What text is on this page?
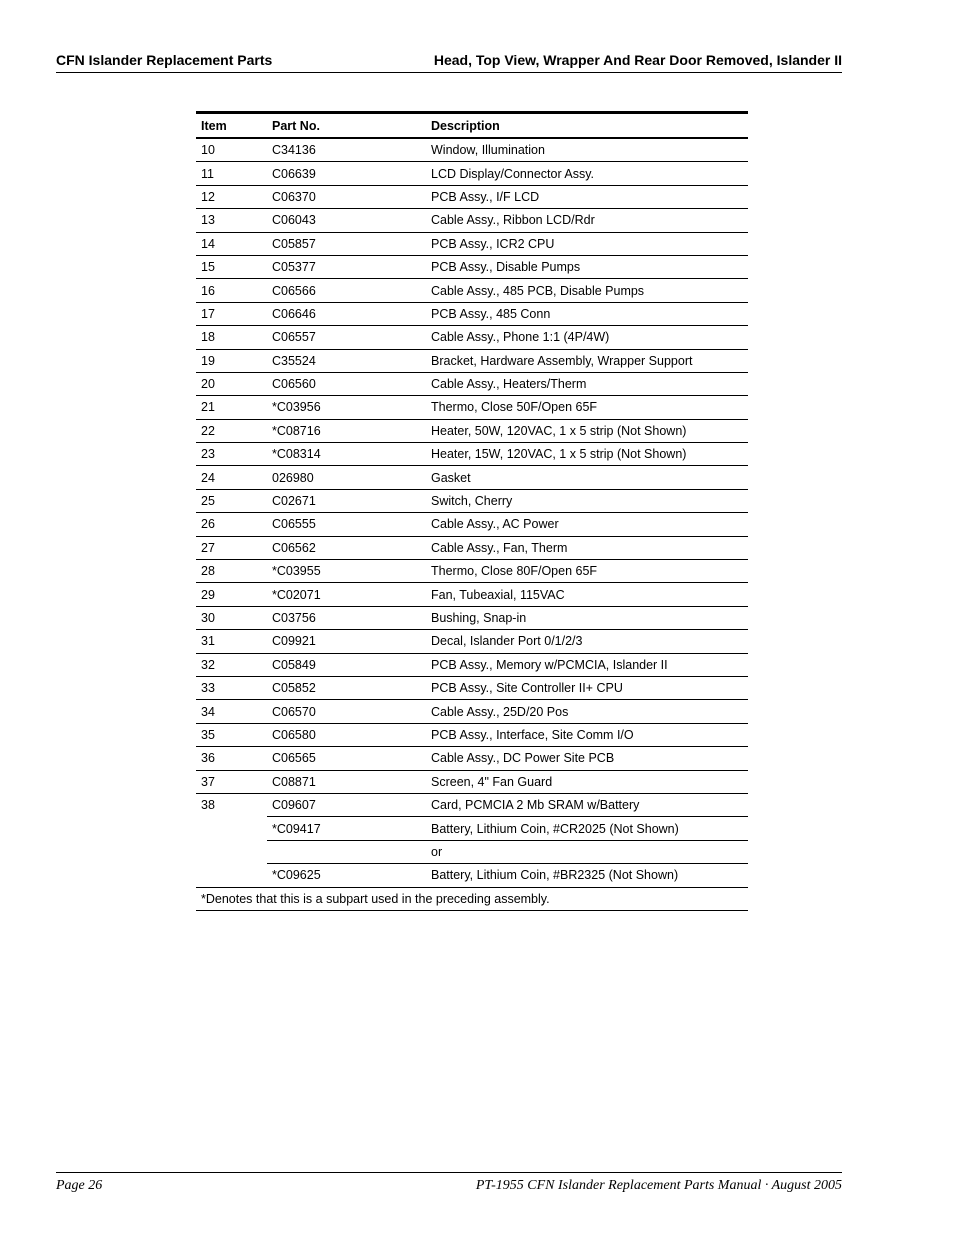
CFN Islander Replacement Parts	Head, Top View, Wrapper And Rear Door Removed, Islander II
Item	Part No.	Description
10	C34136	Window, Illumination
11	C06639	LCD Display/Connector Assy.
12	C06370	PCB Assy., I/F LCD
13	C06043	Cable Assy., Ribbon LCD/Rdr
14	C05857	PCB Assy., ICR2 CPU
15	C05377	PCB Assy., Disable Pumps
16	C06566	Cable Assy., 485 PCB, Disable Pumps
17	C06646	PCB Assy., 485 Conn
18	C06557	Cable Assy., Phone 1:1 (4P/4W)
19	C35524	Bracket, Hardware Assembly, Wrapper Support
20	C06560	Cable Assy., Heaters/Therm
21	*C03956	Thermo, Close 50F/Open 65F
22	*C08716	Heater, 50W, 120VAC, 1 x 5 strip (Not Shown)
23	*C08314	Heater, 15W, 120VAC, 1 x 5 strip (Not Shown)
24	026980	Gasket
25	C02671	Switch, Cherry
26	C06555	Cable Assy., AC Power
27	C06562	Cable Assy., Fan, Therm
28	*C03955	Thermo, Close 80F/Open 65F
29	*C02071	Fan, Tubeaxial, 115VAC
30	C03756	Bushing, Snap-in
31	C09921	Decal, Islander Port 0/1/2/3
32	C05849	PCB Assy., Memory w/PCMCIA, Islander II
33	C05852	PCB Assy., Site Controller II+ CPU
34	C06570	Cable Assy., 25D/20 Pos
35	C06580	PCB Assy., Interface, Site Comm I/O
36	C06565	Cable Assy., DC Power Site PCB
37	C08871	Screen, 4" Fan Guard
38	C09607	Card, PCMCIA 2 Mb SRAM w/Battery
	*C09417	Battery, Lithium Coin, #CR2025 (Not Shown)
		or
	*C09625	Battery, Lithium Coin, #BR2325 (Not Shown)
*Denotes that this is a subpart used in the preceding assembly.		
Page 26	PT-1955 CFN Islander Replacement Parts Manual · August 2005
